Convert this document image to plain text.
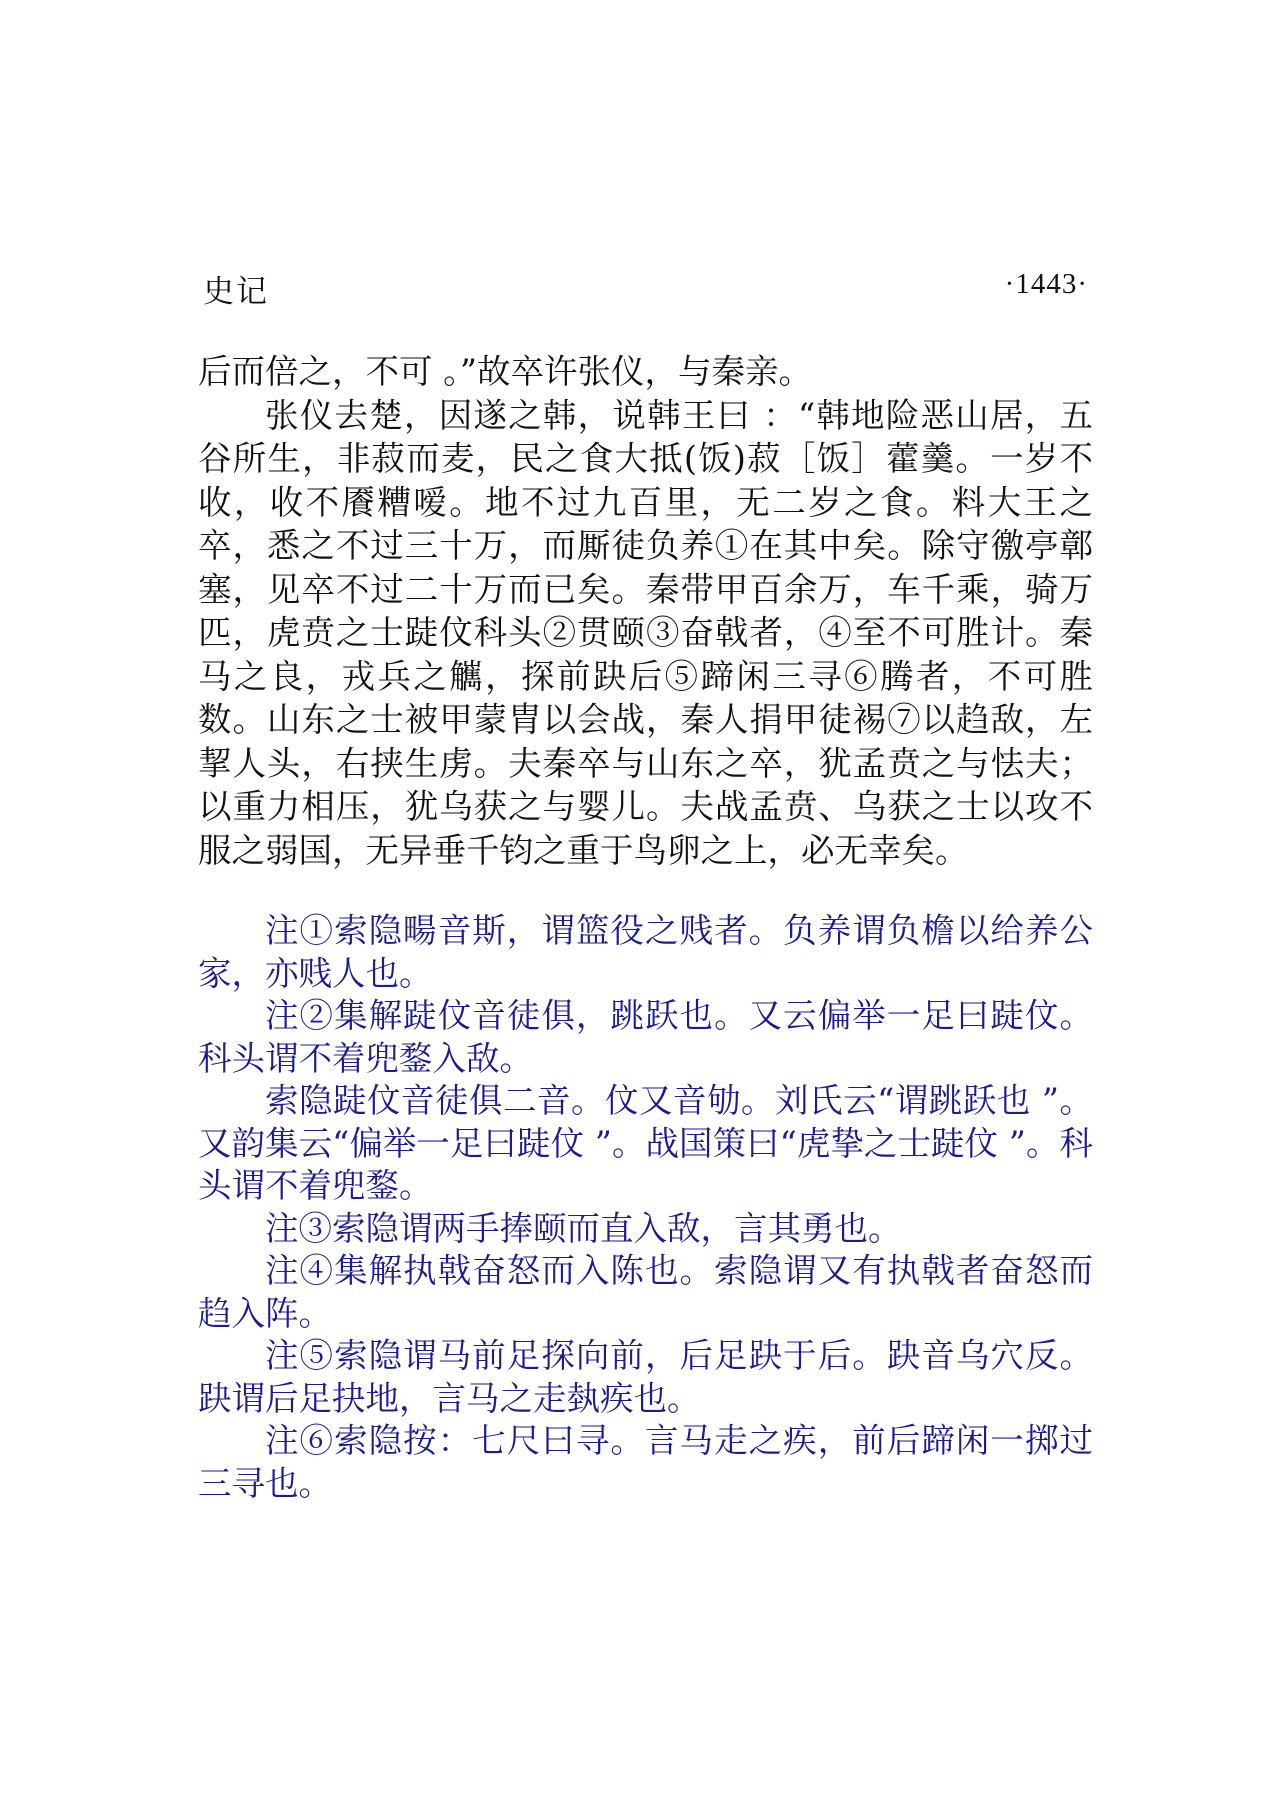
史记	·1443·

后而倍之，不可 。”故卒许张仪，与秦亲。

张仪去楚，因遂之韩，说韩王曰 ：“韩地险恶山居，五谷所生，非菽而麦，民之食大抵(饭)菽［饭］藿羹。一岁不收，收不餍糟嗳。地不过九百里，无二岁之食。料大王之卒，悉之不过三十万，而厮徒负养①在其中矣。除守徼亭鄣塞，见卒不过二十万而已矣。秦带甲百余万，车千乘，骑万匹，虎贲之士跿伩科头②贯颐③奋戟者，④至不可胜计。秦马之良，戎兵之觽，探前趹后⑤蹄闲三寻⑥腾者，不可胜数。山东之士被甲蒙胄以会战，秦人捐甲徒裼⑦以趋敌，左挈人头，右挟生虏。夫秦卒与山东之卒，犹孟贲之与怯夫；以重力相压，犹乌获之与婴儿。夫战孟贲、乌获之士以攻不服之弱国，无异垂千钧之重于鸟卵之上，必无幸矣。

注①索隐畼音斯，谓篮役之贱者。负养谓负檐以给养公家，亦贱人也。

注②集解跿伩音徒俱，跳跃也。又云偏举一足曰跿伩。科头谓不着兜鍪入敌。

索隐跿伩音徒俱二音。伩又音劬。刘氏云“谓跳跃也 ”。又韵集云“偏举一足曰跿伩 ”。战国策曰“虎挚之士跿伩 ”。科头谓不着兜鍪。

注③索隐谓两手捧颐而直入敌，言其勇也。

注④集解执戟奋怒而入陈也。索隐谓又有执戟者奋怒而趋入阵。

注⑤索隐谓马前足探向前，后足趹于后。趹音乌穴反。趹谓后足抉地，言马之走埶疾也。

注⑥索隐按：七尺曰寻。言马走之疾，前后蹄闲一掷过三寻也。
